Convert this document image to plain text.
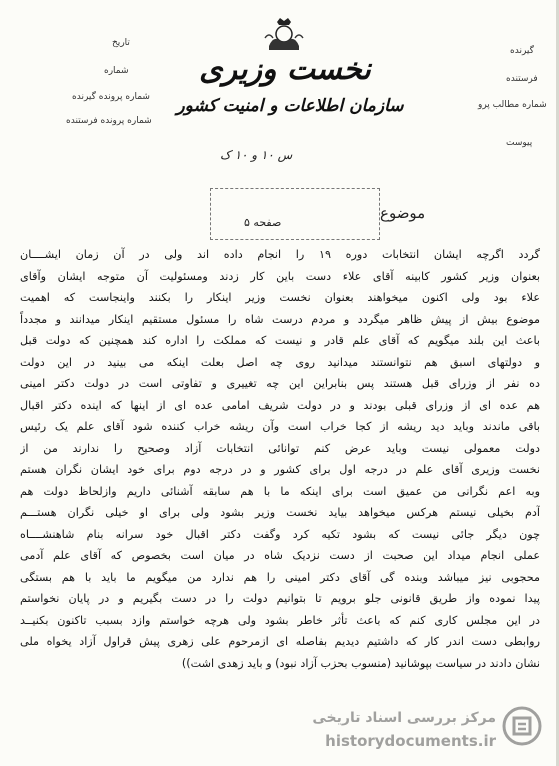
تاریخ
شماره
شماره پرونده گیرنده
شماره پرونده فرستنده
گیرنده
فرستنده
شماره مطالب پرو
پیوست
نخست وزیری
سازمان اطلاعات و امنیت کشور
س ۱۰ و ۱۰ ک
موضوع
صفحه ۵
گردد اگرچه ایشان انتخابات دوره ۱۹ را انجام داده اند ولی در آن زمان ایشــــان
بعنوان وزیر کشور کابینه آقای علاء دست باین کار زدند ومسئولیت آن متوجه ایشان وآقای
علاء بود ولی اکنون میخواهند بعنوان نخست وزیر اینکار را بکنند واینجاست که اهمیت
موضوع بیش از پیش ظاهر میگردد و مردم درست شاه را مسئول مستقیم اینکار میدانند و مجدداً
باعث این بلند میگویم که آقای علم قادر و نیست که مملکت را اداره کند همچنین که دولت قبل
و دولتهای اسبق هم نتوانستند میدانید روی چه اصل بعلت اینکه می بینید در این دولت
ده نفر از وزرای قبل هستند پس بنابراین این چه تغییری و تفاوتی است در دولت دکتر امینی
هم عده ای از وزرای قبلی بودند و در دولت شریف امامی عده ای از اینها که اینده دکتر اقبال
باقی ماندند وباید دید ریشه از کجا خراب است وآن ریشه خراب کننده شود آقای علم یک رئیس
دولت معمولی نیست وباید عرض کنم توانائی انتخابات آزاد وصحیح را ندارند من از
نخست وزیری آقای علم در درجه اول برای کشور و در درجه دوم برای خود ایشان نگران هستم
وبه اعم نگرانی من عمیق است برای اینکه ما با هم سابقه آشنائی داریم وازلحاظ دولت هم
آدم بخیلی نیستم هرکس میخواهد بیاید نخست وزیر بشود ولی برای او خیلی نگران هستـــم
چون دیگر جائی نیست که بشود تکیه کرد وگفت دکتر اقبال خود سرانه بنام شاهنشــــاه
عملی انجام میداد این صحبت از دست نزدیک شاه در میان است بخصوص که آقای علم آدمی
محجوبی نیز میباشد وبنده گی آقای دکتر امینی را هم ندارد من میگویم ما باید با هم بستگی
پیدا نموده واز طریق قانونی جلو برویم تا بتوانیم دولت را در دست بگیریم و در پایان نخواستم
در این مجلس کاری کنم که باعث تأثر خاطر بشود ولی هرچه خواستم وازد بسبب تاکنون بکنیــد
روابطی دست اندر کار که داشتیم دیدیم بفاصله ای ازمرحوم علی زهری پیش قراول آزاد یخواه ملی
نشان دادند در سیاست بپوشانید (منسوب بحزب آزاد نبود) و باید زهدی اشت))
مرکز بررسی اسناد تاریخی
historydocuments.ir
